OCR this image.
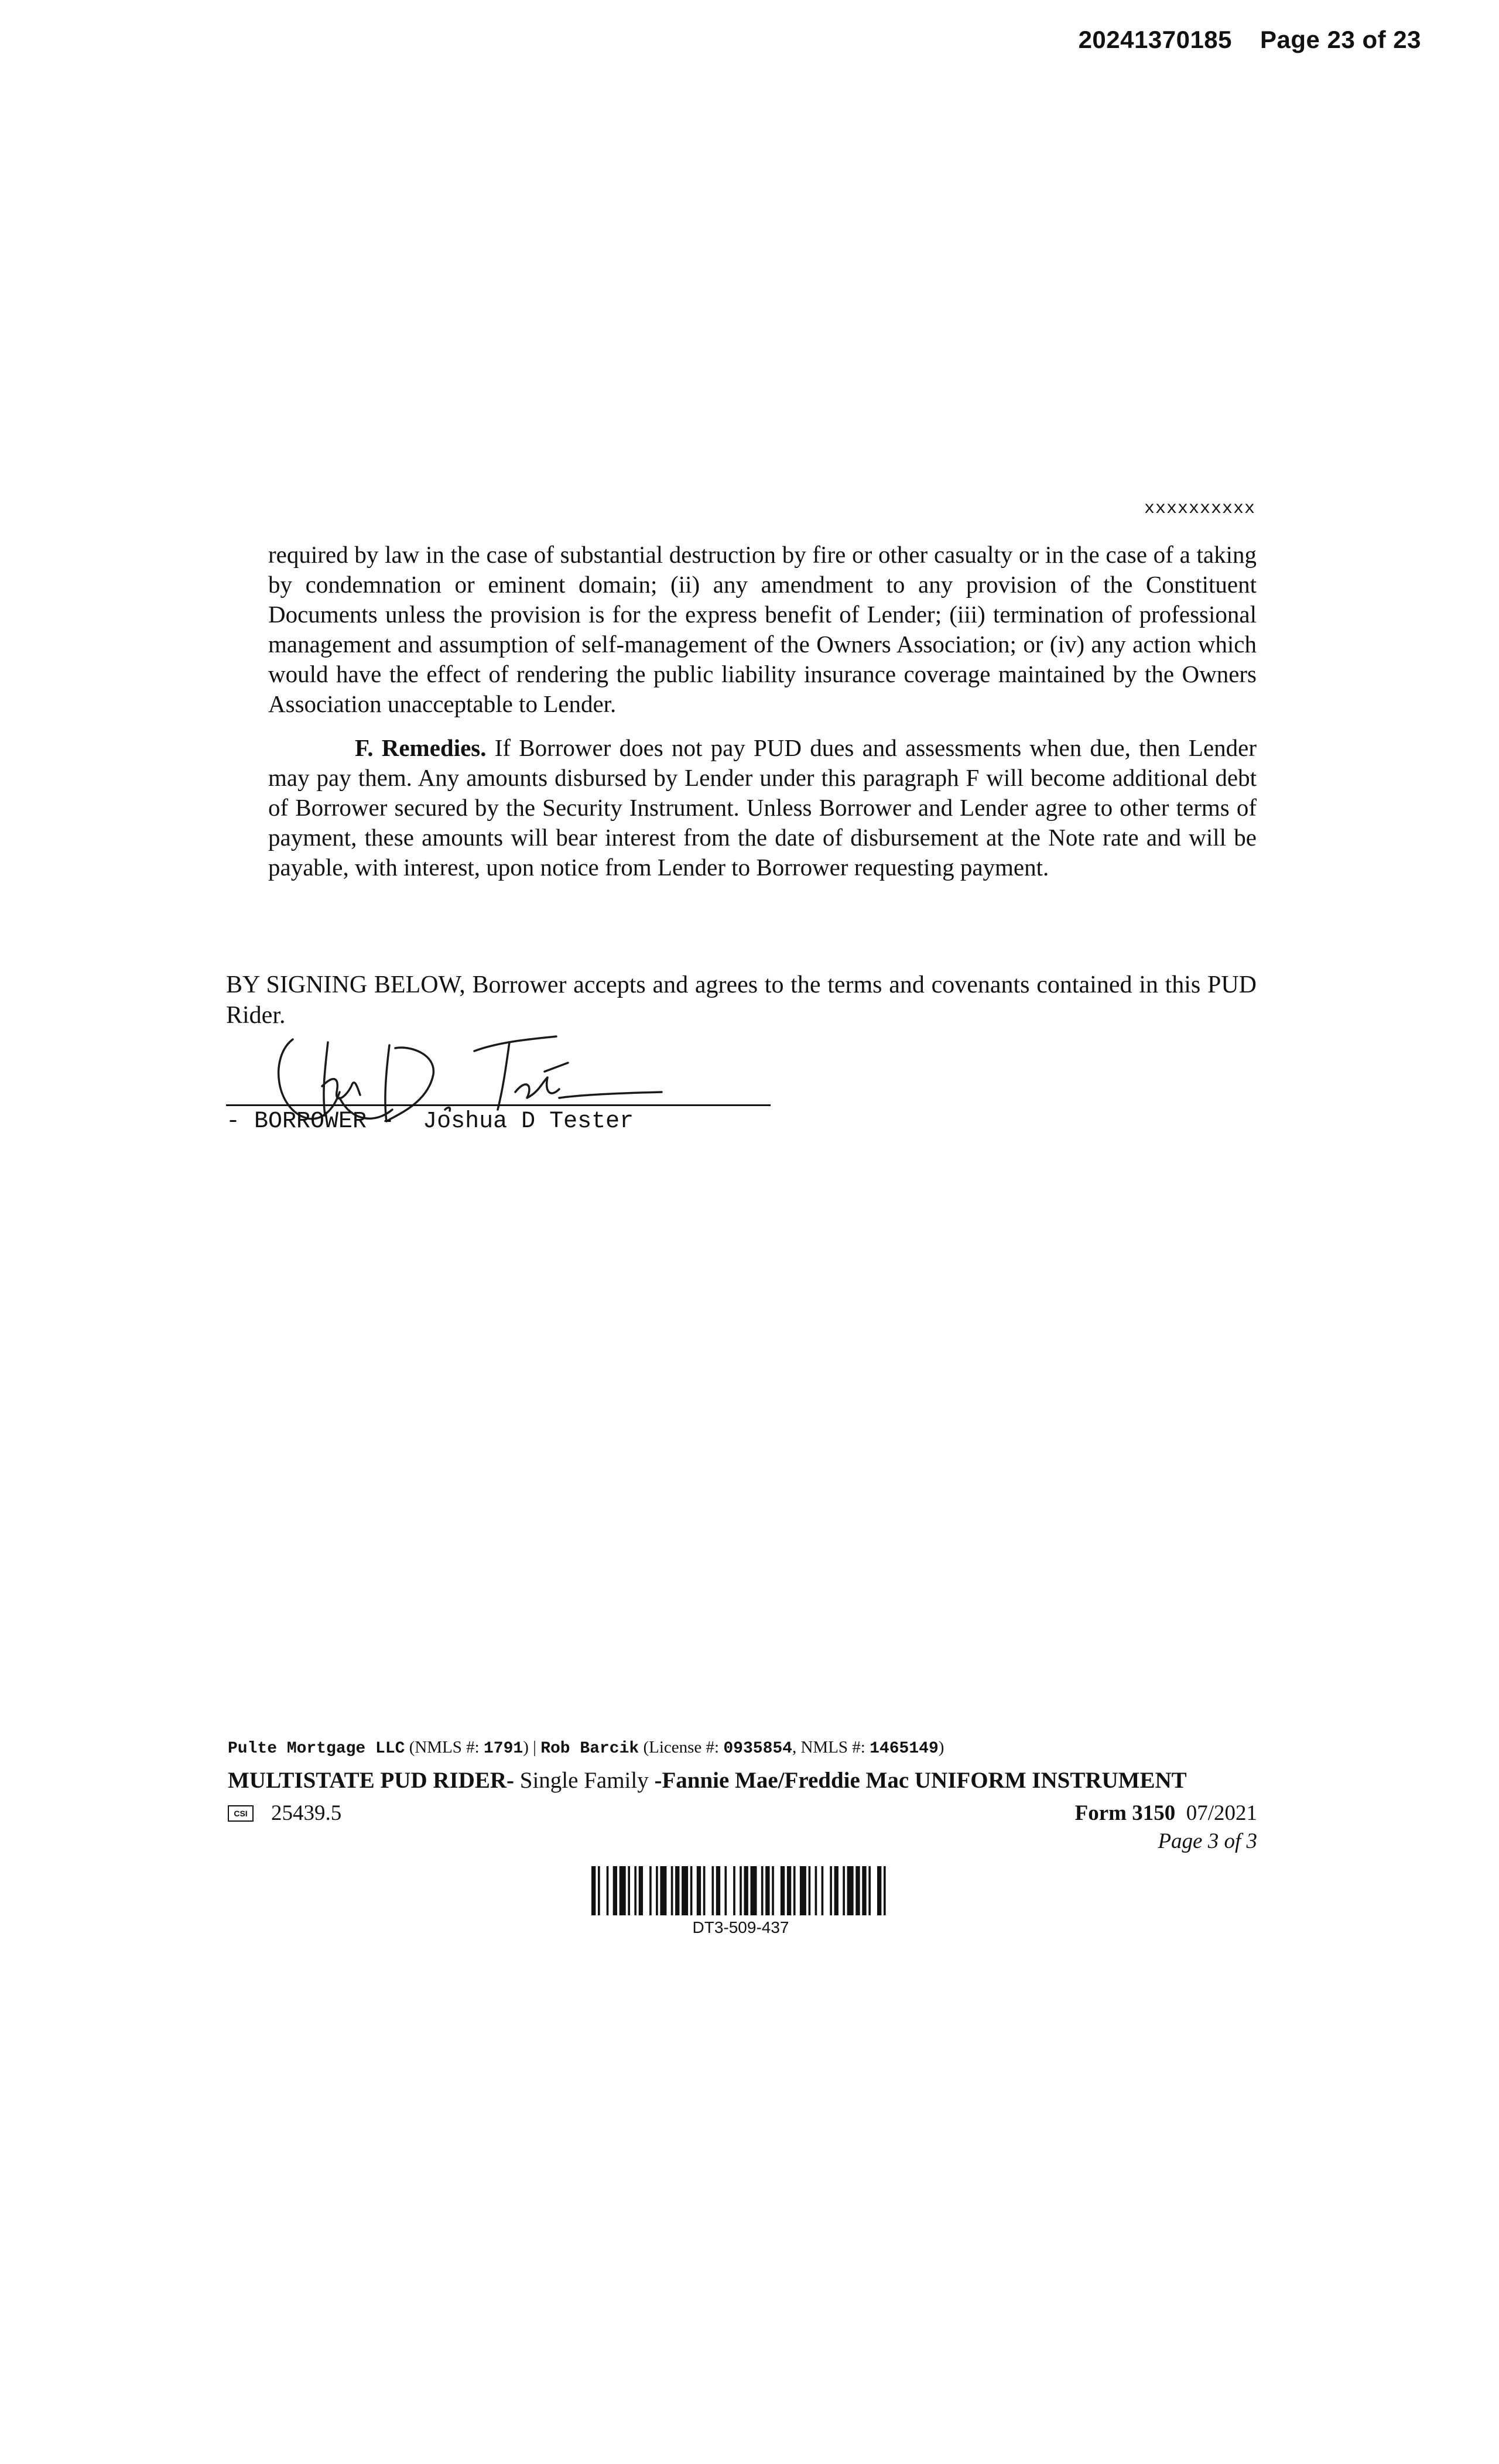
20241370185 Page 23 of 23
xxxxxxxxxx

required by law in the case of substantial destruction by fire or other casualty or in the case of a taking by condemnation or eminent domain; (ii) any amendment to any provision of the Constituent Documents unless the provision is for the express benefit of Lender; (iii) termination of professional management and assumption of self-management of the Owners Association; or (iv) any action which would have the effect of rendering the public liability insurance coverage maintained by the Owners Association unacceptable to Lender.

F. Remedies. If Borrower does not pay PUD dues and assessments when due, then Lender may pay them. Any amounts disbursed by Lender under this paragraph F will become additional debt of Borrower secured by the Security Instrument. Unless Borrower and Lender agree to other terms of payment, these amounts will bear interest from the date of disbursement at the Note rate and will be payable, with interest, upon notice from Lender to Borrower requesting payment.

BY SIGNING BELOW, Borrower accepts and agrees to the terms and covenants contained in this PUD Rider.
- BORROWER - Joshua D Tester
Pulte Mortgage LLC (NMLS #: 1791) | Rob Barcik (License #: 0935854, NMLS #: 1465149)
MULTISTATE PUD RIDER- Single Family -Fannie Mae/Freddie Mac UNIFORM INSTRUMENT
CSI 25439.5	Form 3150 07/2021
Page 3 of 3
DT3-509-437
